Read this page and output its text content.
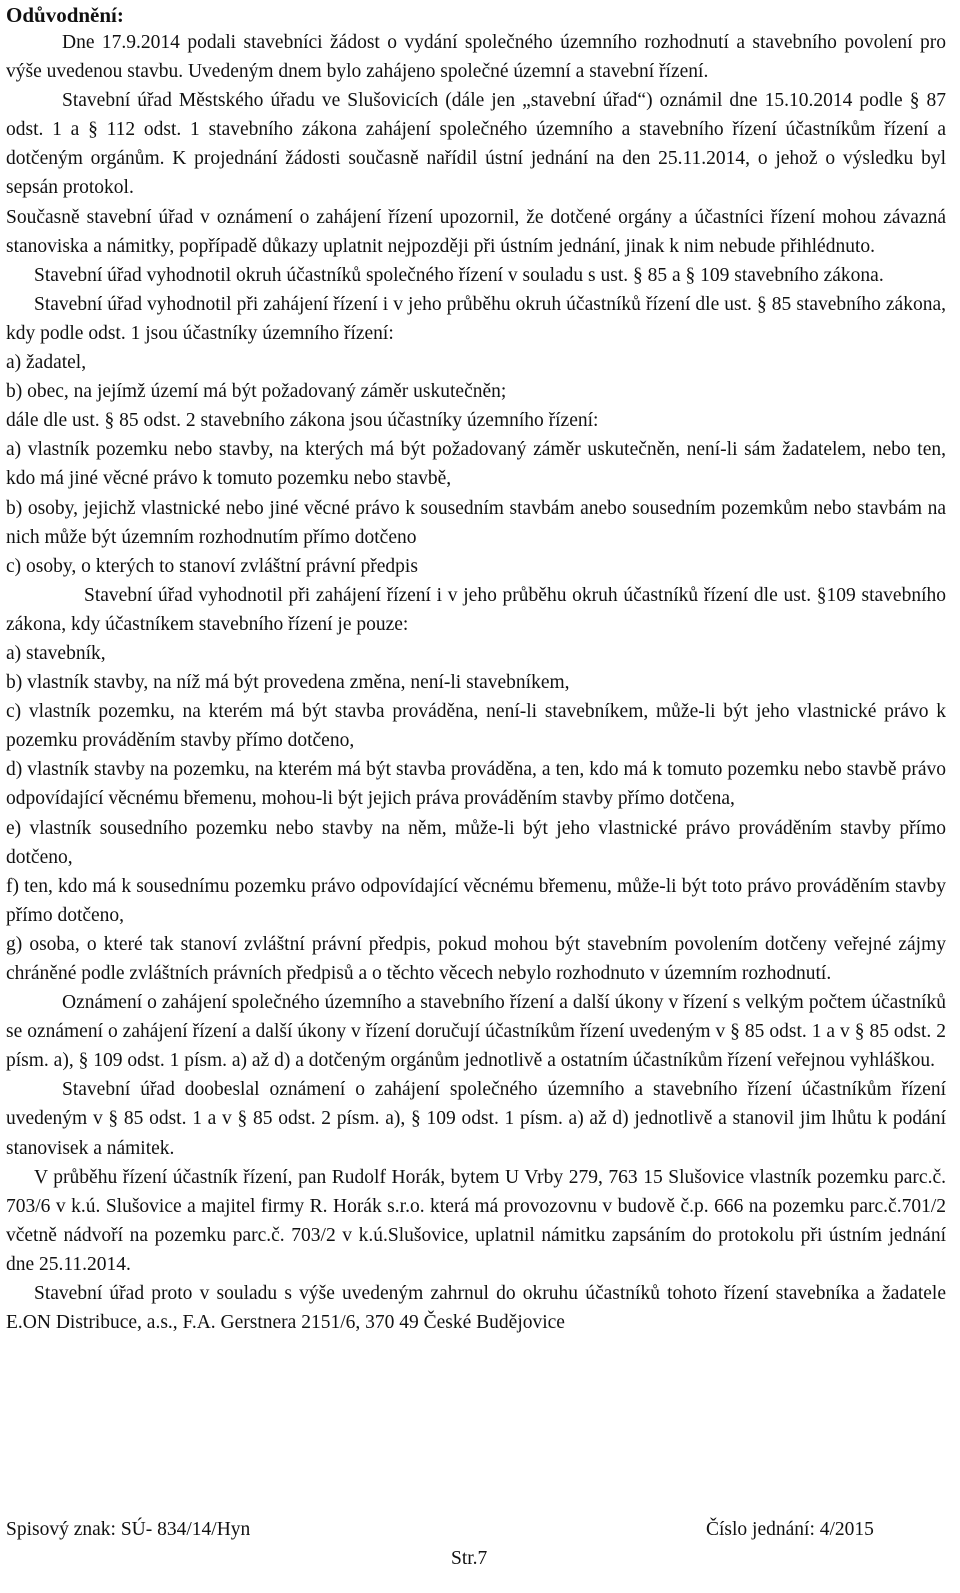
Odůvodnění:

Dne 17.9.2014 podali stavebníci žádost o vydání společného územního rozhodnutí a stavebního povolení pro výše uvedenou stavbu. Uvedeným dnem bylo zahájeno společné územní a stavební řízení.

Stavební úřad Městského úřadu ve Slušovicích (dále jen „stavební úřad“) oznámil dne 15.10.2014 podle § 87 odst. 1 a § 112 odst. 1 stavebního zákona zahájení společného územního a stavebního řízení účastníkům řízení a dotčeným orgánům. K projednání žádosti současně nařídil ústní jednání na den 25.11.2014, o jehož o výsledku byl sepsán protokol.

Současně stavební úřad v oznámení o zahájení řízení upozornil, že dotčené orgány a účastníci řízení mohou závazná stanoviska a námitky, popřípadě důkazy uplatnit nejpozději při ústním jednání, jinak k nim nebude přihlédnuto.

Stavební úřad vyhodnotil okruh účastníků společného řízení v souladu s ust. § 85 a § 109 stavebního zákona.

Stavební úřad vyhodnotil při zahájení řízení i v jeho průběhu okruh účastníků řízení dle ust. § 85 stavebního zákona, kdy podle odst. 1 jsou účastníky územního řízení:

a) žadatel,

b) obec, na jejímž území má být požadovaný záměr uskutečněn;

dále dle ust. § 85 odst. 2 stavebního zákona jsou účastníky územního řízení:

a) vlastník pozemku nebo stavby, na kterých má být požadovaný záměr uskutečněn, není-li sám žadatelem, nebo ten, kdo má jiné věcné právo k tomuto pozemku nebo stavbě,

b) osoby, jejichž vlastnické nebo jiné věcné právo k sousedním stavbám anebo sousedním pozemkům nebo stavbám na nich může být územním rozhodnutím přímo dotčeno

c) osoby, o kterých to stanoví zvláštní právní předpis

Stavební úřad vyhodnotil při zahájení řízení i v jeho průběhu okruh účastníků řízení dle ust. §109 stavebního zákona, kdy účastníkem stavebního řízení je pouze:

a) stavebník,

b) vlastník stavby, na níž má být provedena změna, není-li stavebníkem,

c) vlastník pozemku, na kterém má být stavba prováděna, není-li stavebníkem, může-li být jeho vlastnické právo k pozemku prováděním stavby přímo dotčeno,

d) vlastník stavby na pozemku, na kterém má být stavba prováděna, a ten, kdo má k tomuto pozemku nebo stavbě právo odpovídající věcnému břemenu, mohou-li být jejich práva prováděním stavby přímo dotčena,

e) vlastník sousedního pozemku nebo stavby na něm, může-li být jeho vlastnické právo prováděním stavby přímo dotčeno,

f) ten, kdo má k sousednímu pozemku právo odpovídající věcnému břemenu, může-li být toto právo prováděním stavby přímo dotčeno,

g) osoba, o které tak stanoví zvláštní právní předpis, pokud mohou být stavebním povolením dotčeny veřejné zájmy chráněné podle zvláštních právních předpisů a o těchto věcech nebylo rozhodnuto v územním rozhodnutí.

Oznámení o zahájení společného územního a stavebního řízení a další úkony v řízení s velkým počtem účastníků se oznámení o zahájení řízení a další úkony v řízení doručují účastníkům řízení uvedeným v § 85 odst. 1 a v § 85 odst. 2 písm. a), § 109 odst. 1 písm. a) až d) a dotčeným orgánům jednotlivě a ostatním účastníkům řízení veřejnou vyhláškou.

Stavební úřad doobeslal oznámení o zahájení společného územního a stavebního řízení účastníkům řízení uvedeným v § 85 odst. 1 a v § 85 odst. 2 písm. a), § 109 odst. 1 písm. a) až d) jednotlivě a stanovil jim lhůtu k podání stanovisek a námitek.

V průběhu řízení účastník řízení, pan Rudolf Horák, bytem U Vrby 279, 763 15 Slušovice vlastník pozemku parc.č. 703/6 v k.ú. Slušovice a majitel firmy R. Horák s.r.o. která má provozovnu v budově č.p. 666 na pozemku parc.č.701/2 včetně nádvoří na pozemku parc.č. 703/2 v k.ú.Slušovice, uplatnil námitku zapsáním do protokolu při ústním jednání dne 25.11.2014.

Stavební úřad proto v souladu s výše uvedeným zahrnul do okruhu účastníků tohoto řízení stavebníka a žadatele E.ON Distribuce, a.s., F.A. Gerstnera 2151/6, 370 49 České Budějovice

Spisový znak: SÚ- 834/14/Hyn	Číslo jednání: 4/2015
Str.7
